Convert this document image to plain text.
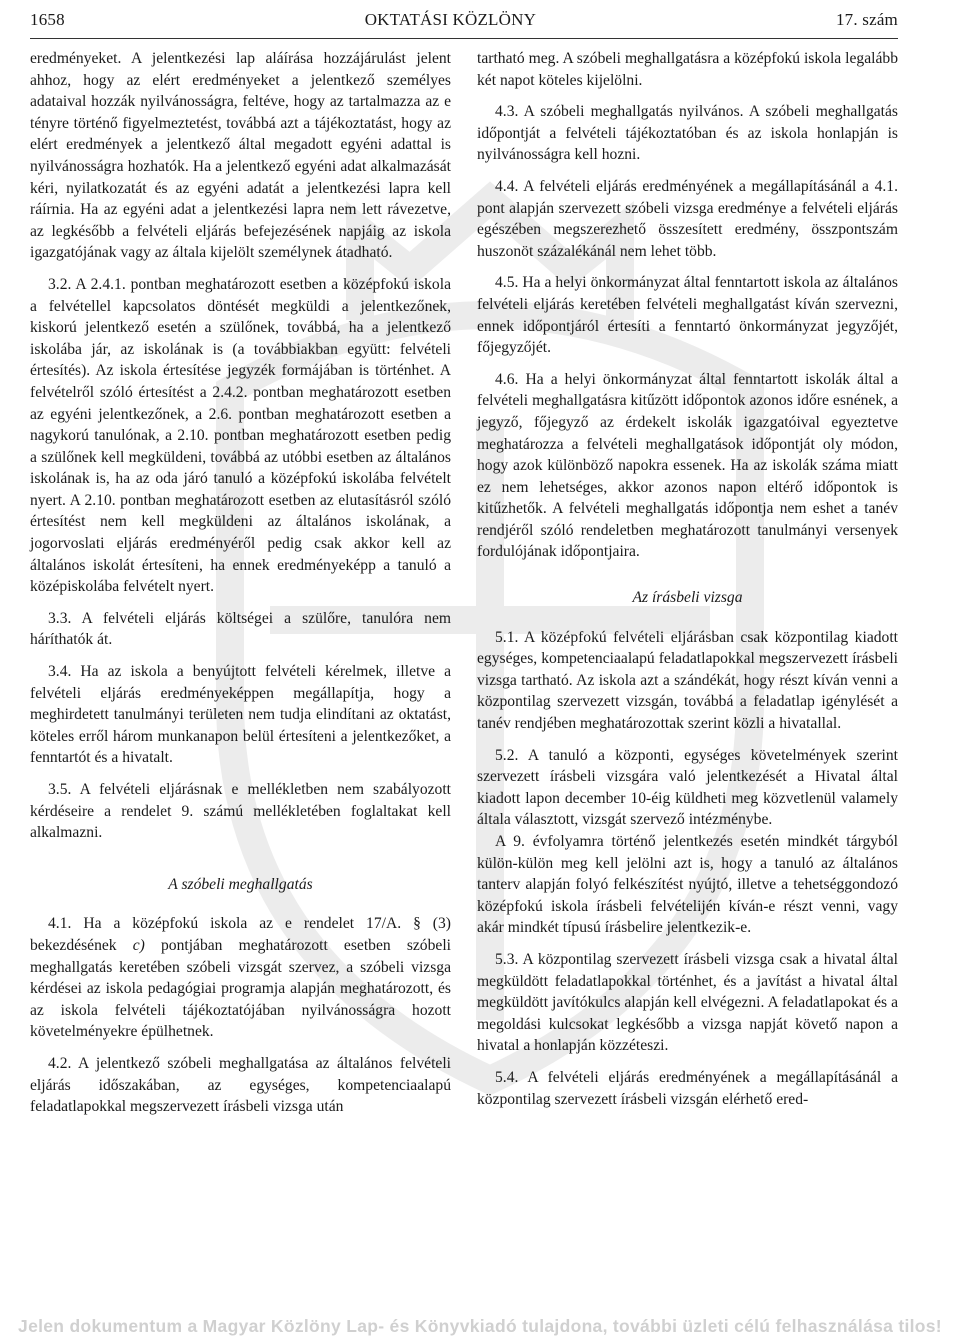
1658	OKTATÁSI KÖZLÖNY	17. szám

eredményeket. A jelentkezési lap aláírása hozzájárulást jelent ahhoz, hogy az elért eredményeket a jelentkező személyes adataival hozzák nyilvánosságra, feltéve, hogy az tartalmazza az e tényre történő figyelmeztetést, továbbá azt a tájékoztatást, hogy az elért eredmények a jelentkező által megadott egyéni adattal is nyilvánosságra hozhatók. Ha a jelentkező egyéni adat alkalmazását kéri, nyilatkozatát és az egyéni adatát a jelentkezési lapra kell ráírnia. Ha az egyéni adat a jelentkezési lapra nem lett rávezetve, az legkésőbb a felvételi eljárás befejezésének napjáig az iskola igazgatójának vagy az általa kijelölt személynek átadható.

3.2. A 2.4.1. pontban meghatározott esetben a középfokú iskola a felvétellel kapcsolatos döntését megküldi a jelentkezőnek, kiskorú jelentkező esetén a szülőnek, továbbá, ha a jelentkező iskolába jár, az iskolának is (a továbbiakban együtt: felvételi értesítés). Az iskola értesítése jegyzék formájában is történhet. A felvételről szóló értesítést a 2.4.2. pontban meghatározott esetben az egyéni jelentkezőnek, a 2.6. pontban meghatározott esetben a nagykorú tanulónak, a 2.10. pontban meghatározott esetben pedig a szülőnek kell megküldeni, továbbá az utóbbi esetben az általános iskolának is, ha az oda járó tanuló a középfokú iskolába felvételt nyert. A 2.10. pontban meghatározott esetben az elutasításról szóló értesítést nem kell megküldeni az általános iskolának, a jogorvoslati eljárás eredményéről pedig csak akkor kell az általános iskolát értesíteni, ha ennek eredményeképp a tanuló a középiskolába felvételt nyert.

3.3. A felvételi eljárás költségei a szülőre, tanulóra nem háríthatók át.

3.4. Ha az iskola a benyújtott felvételi kérelmek, illetve a felvételi eljárás eredményeképpen megállapítja, hogy a meghirdetett tanulmányi területen nem tudja elindítani az oktatást, köteles erről három munkanapon belül értesíteni a jelentkezőket, a fenntartót és a hivatalt.

3.5. A felvételi eljárásnak e mellékletben nem szabályozott kérdéseire a rendelet 9. számú mellékletében foglaltakat kell alkalmazni.

A szóbeli meghallgatás

4.1. Ha a középfokú iskola az e rendelet 17/A. § (3) bekezdésének c) pontjában meghatározott esetben szóbeli meghallgatás keretében szóbeli vizsgát szervez, a szóbeli vizsga kérdései az iskola pedagógiai programja alapján meghatározott, és az iskola felvételi tájékoztatójában nyilvánosságra hozott követelményekre épülhetnek.

4.2. A jelentkező szóbeli meghallgatása az általános felvételi eljárás időszakában, az egységes, kompetenciaalapú feladatlapokkal megszervezett írásbeli vizsga után

tartható meg. A szóbeli meghallgatásra a középfokú iskola legalább két napot köteles kijelölni.

4.3. A szóbeli meghallgatás nyilvános. A szóbeli meghallgatás időpontját a felvételi tájékoztatóban és az iskola honlapján is nyilvánosságra kell hozni.

4.4. A felvételi eljárás eredményének a megállapításánál a 4.1. pont alapján szervezett szóbeli vizsga eredménye a felvételi eljárás egészében megszerezhető összesített eredmény, összpontszám huszonöt százalékánál nem lehet több.

4.5. Ha a helyi önkormányzat által fenntartott iskola az általános felvételi eljárás keretében felvételi meghallgatást kíván szervezni, ennek időpontjáról értesíti a fenntartó önkormányzat jegyzőjét, főjegyzőjét.

4.6. Ha a helyi önkormányzat által fenntartott iskolák által a felvételi meghallgatásra kitűzött időpontok azonos időre esnének, a jegyző, főjegyző az érdekelt iskolák igazgatóival egyeztetve meghatározza a felvételi meghallgatások időpontját oly módon, hogy azok különböző napokra essenek. Ha az iskolák száma miatt ez nem lehetséges, akkor azonos napon eltérő időpontok is kitűzhetők. A felvételi meghallgatás időpontja nem eshet a tanév rendjéről szóló rendeletben meghatározott tanulmányi versenyek fordulójának időpontjaira.

Az írásbeli vizsga

5.1. A középfokú felvételi eljárásban csak központilag kiadott egységes, kompetenciaalapú feladatlapokkal megszervezett írásbeli vizsga tartható. Az iskola azt a szándékát, hogy részt kíván venni a központilag szervezett vizsgán, továbbá a feladatlap igénylését a tanév rendjében meghatározottak szerint közli a hivatallal.

5.2. A tanuló a központi, egységes követelmények szerint szervezett írásbeli vizsgára való jelentkezését a Hivatal által kiadott lapon december 10-éig küldheti meg közvetlenül valamely általa választott, vizsgát szervező intézménybe.

A 9. évfolyamra történő jelentkezés esetén mindkét tárgyból külön-külön meg kell jelölni azt is, hogy a tanuló az általános tanterv alapján folyó felkészítést nyújtó, illetve a tehetséggondozó középfokú iskola írásbeli felvételijén kíván-e részt venni, vagy akár mindkét típusú írásbelire jelentkezik-e.

5.3. A központilag szervezett írásbeli vizsga csak a hivatal által megküldött feladatlapokkal történhet, és a javítást a hivatal által megküldött javítókulcs alapján kell elvégezni. A feladatlapokat és a megoldási kulcsokat legkésőbb a vizsga napját követő napon a hivatal a honlapján közzéteszi.

5.4. A felvételi eljárás eredményének a megállapításánál a központilag szervezett írásbeli vizsgán elérhető ered-

Jelen dokumentum a Magyar Közlöny Lap- és Könyvkiadó tulajdona, további üzleti célú felhasználása tilos!
